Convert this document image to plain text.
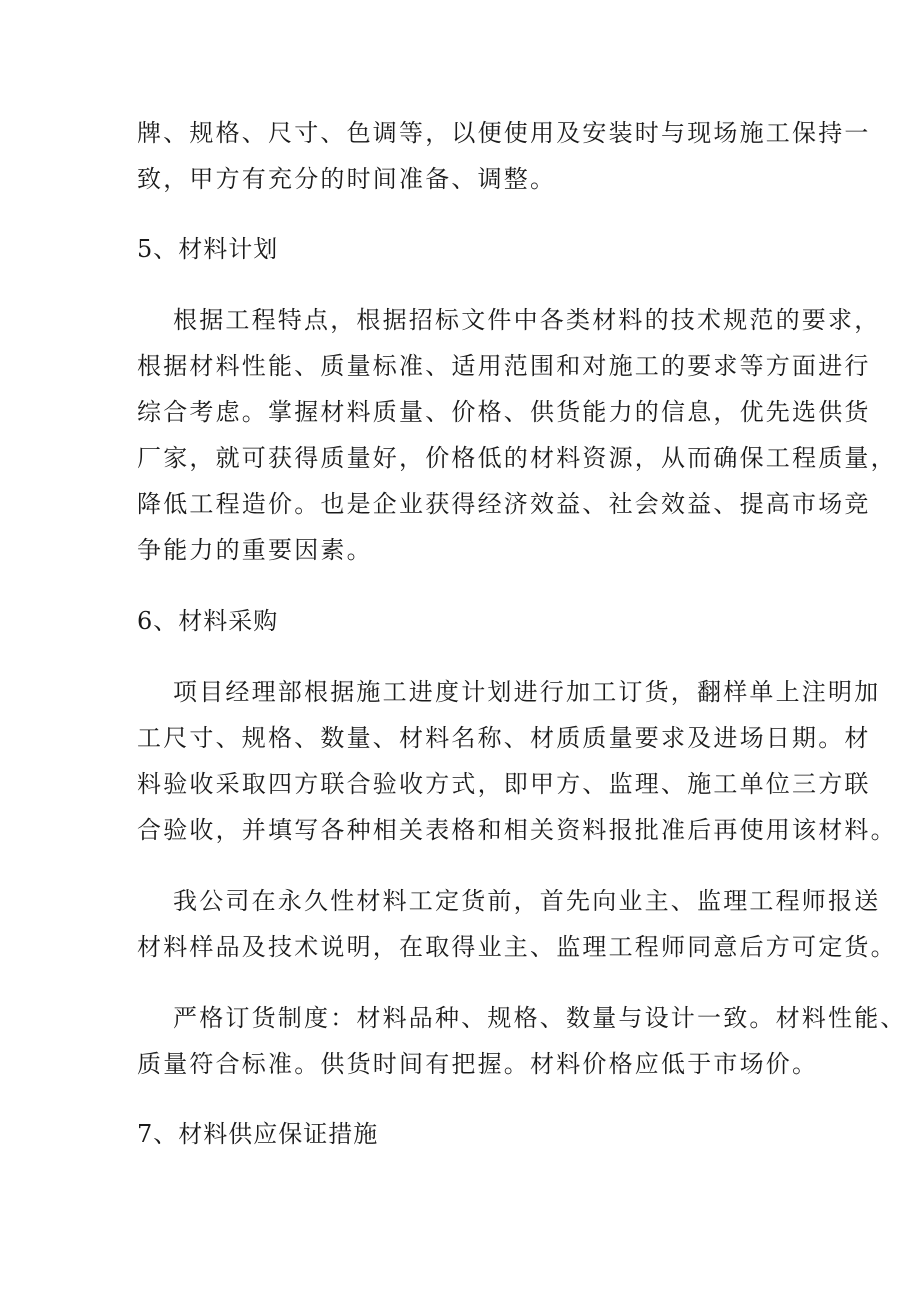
牌、规格、尺寸、色调等，以便使用及安装时与现场施工保持一
致，甲方有充分的时间准备、调整。
5、材料计划
根据工程特点，根据招标文件中各类材料的技术规范的要求，
根据材料性能、质量标准、适用范围和对施工的要求等方面进行
综合考虑。掌握材料质量、价格、供货能力的信息，优先选供货
厂家，就可获得质量好，价格低的材料资源，从而确保工程质量，
降低工程造价。也是企业获得经济效益、社会效益、提高市场竞
争能力的重要因素。
6、材料采购
项目经理部根据施工进度计划进行加工订货，翻样单上注明加
工尺寸、规格、数量、材料名称、材质质量要求及进场日期。材
料验收采取四方联合验收方式，即甲方、监理、施工单位三方联
合验收，并填写各种相关表格和相关资料报批准后再使用该材料。
我公司在永久性材料工定货前，首先向业主、监理工程师报送
材料样品及技术说明，在取得业主、监理工程师同意后方可定货。
严格订货制度：材料品种、规格、数量与设计一致。材料性能、
质量符合标准。供货时间有把握。材料价格应低于市场价。
7、材料供应保证措施
